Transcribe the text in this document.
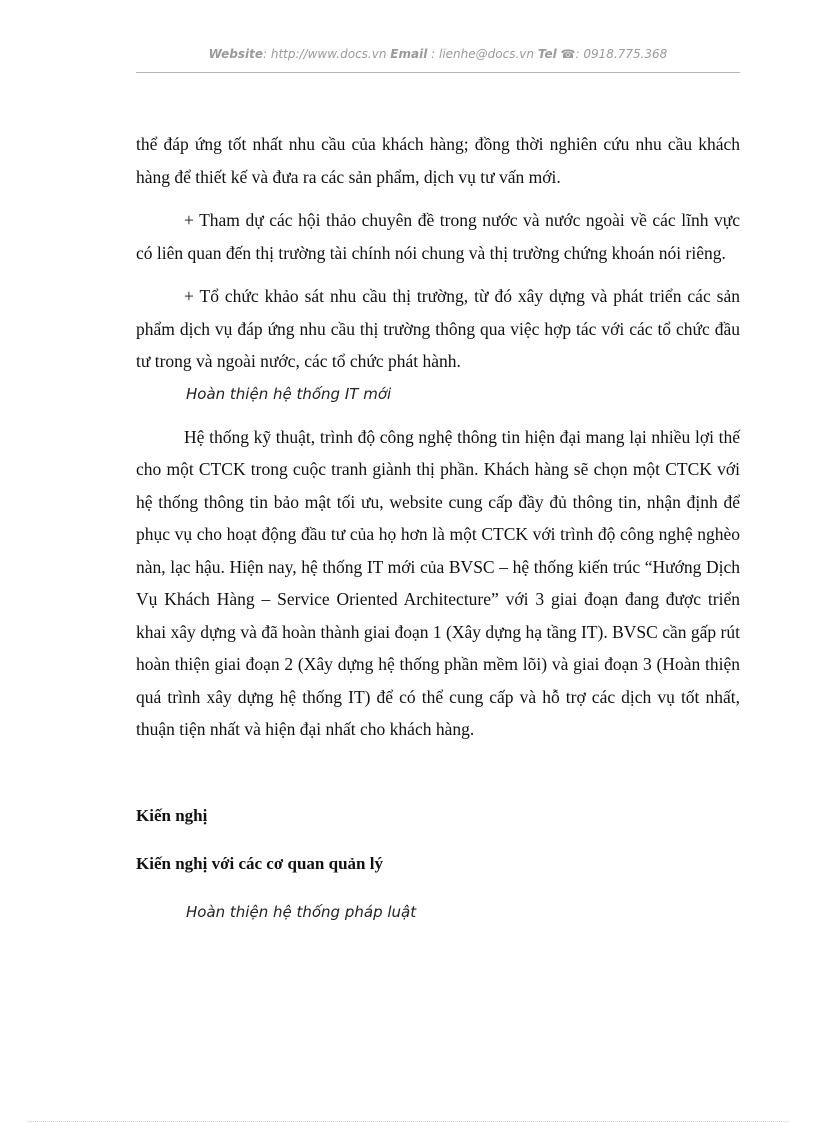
Website: http://www.docs.vn Email : lienhe@docs.vn Tel ☎: 0918.775.368

thể đáp ứng tốt nhất nhu cầu của khách hàng; đồng thời nghiên cứu nhu cầu khách hàng để thiết kế và đưa ra các sản phẩm, dịch vụ tư vấn mới.

+ Tham dự các hội thảo chuyên đề trong nước và nước ngoài về các lĩnh vực có liên quan đến thị trường tài chính nói chung và thị trường chứng khoán nói riêng.

+ Tổ chức khảo sát nhu cầu thị trường, từ đó xây dựng và phát triển các sản phẩm dịch vụ đáp ứng nhu cầu thị trường thông qua việc hợp tác với các tổ chức đầu tư trong và ngoài nước, các tổ chức phát hành.

Hoàn thiện hệ thống IT mới

Hệ thống kỹ thuật, trình độ công nghệ thông tin hiện đại mang lại nhiều lợi thế cho một CTCK trong cuộc tranh giành thị phần. Khách hàng sẽ chọn một CTCK với hệ thống thông tin bảo mật tối ưu, website cung cấp đầy đủ thông tin, nhận định để phục vụ cho hoạt động đầu tư của họ hơn là một CTCK với trình độ công nghệ nghèo nàn, lạc hậu. Hiện nay, hệ thống IT mới của BVSC – hệ thống kiến trúc “Hướng Dịch Vụ Khách Hàng – Service Oriented Architecture” với 3 giai đoạn đang được triển khai xây dựng và đã hoàn thành giai đoạn 1 (Xây dựng hạ tầng IT). BVSC cần gấp rút hoàn thiện giai đoạn 2 (Xây dựng hệ thống phần mềm lõi) và giai đoạn 3 (Hoàn thiện quá trình xây dựng hệ thống IT) để có thể cung cấp và hỗ trợ các dịch vụ tốt nhất, thuận tiện nhất và hiện đại nhất cho khách hàng.

Kiến nghị

Kiến nghị với các cơ quan quản lý

Hoàn thiện hệ thống pháp luật
